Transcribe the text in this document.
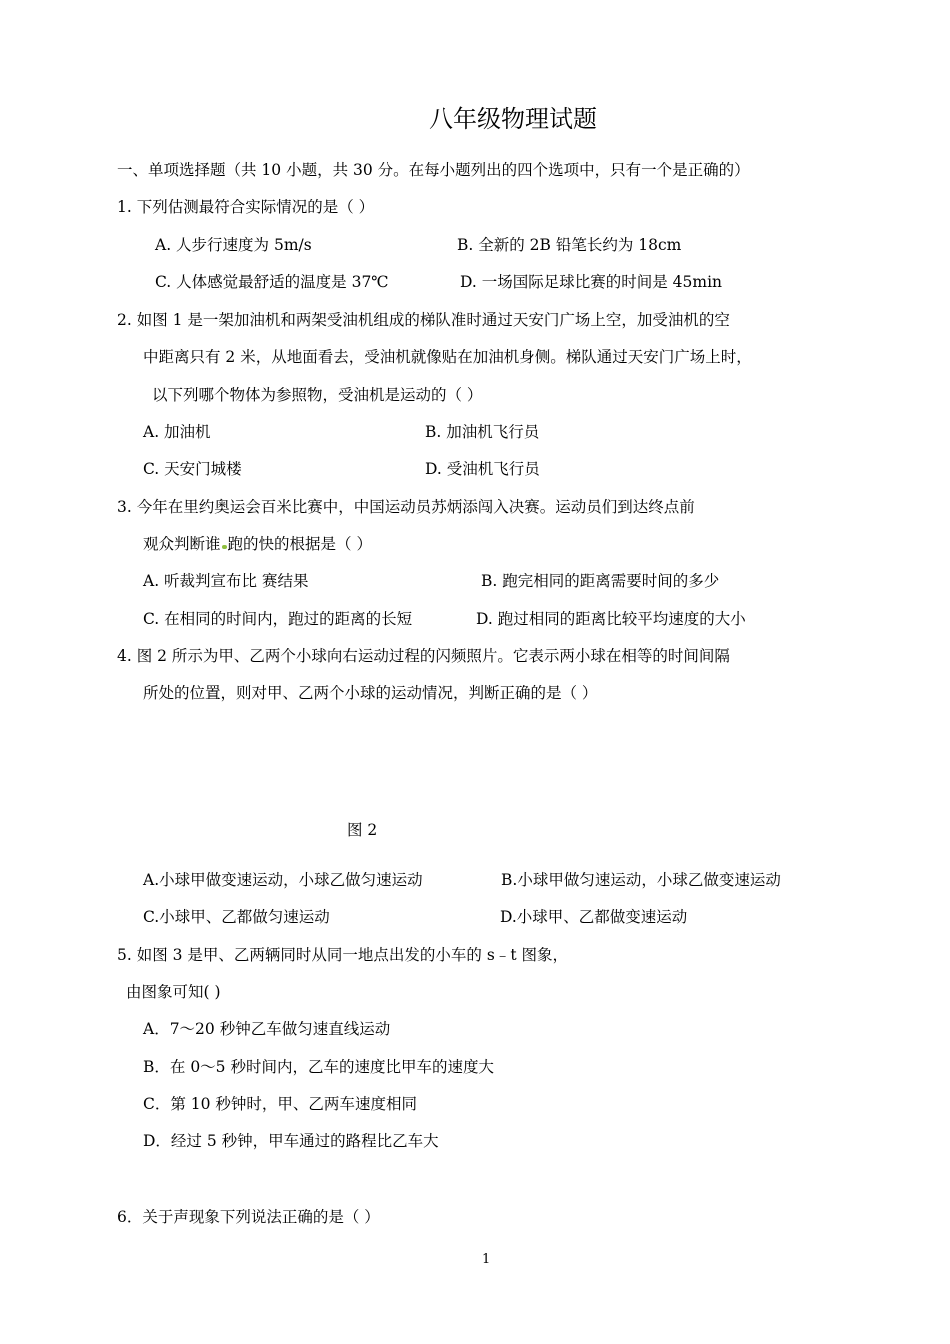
八年级物理试题
一、单项选择题（共 10 小题，共 30 分。在每小题列出的四个选项中，只有一个是正确的）
1. 下列估测最符合实际情况的是（ ）
A. 人步行速度为 5m/s	B. 全新的 2B 铅笔长约为 18cm
C. 人体感觉最舒适的温度是 37℃	D. 一场国际足球比赛的时间是 45min
2. 如图 1 是一架加油机和两架受油机组成的梯队准时通过天安门广场上空，加受油机的空
中距离只有 2 米，从地面看去，受油机就像贴在加油机身侧。梯队通过天安门广场上时，
以下列哪个物体为参照物，受油机是运动的（ ）
A. 加油机	B. 加油机飞行员
C. 天安门城楼	D. 受油机飞行员
3. 今年在里约奥运会百米比赛中，中国运动员苏炳添闯入决赛。运动员们到达终点前
观众判断谁 跑的快的根据是（ ）
A. 听裁判宣布比 赛结果	B. 跑完相同的距离需要时间的多少
C. 在相同的时间内，跑过的距离的长短	D. 跑过相同的距离比较平均速度的大小
4. 图 2 所示为甲、乙两个小球向右运动过程的闪频照片。它表示两小球在相等的时间间隔
所处的位置，则对甲、乙两个小球的运动情况，判断正确的是（ ）
图 2
A.小球甲做变速运动，小球乙做匀速运动	B.小球甲做匀速运动，小球乙做变速运动
C.小球甲、乙都做匀速运动	D.小球甲、乙都做变速运动
5. 如图 3 是甲、乙两辆同时从同一地点出发的小车的 s﹣t 图象，
由图象可知( )
A．7～20 秒钟乙车做匀速直线运动
B．在 0～5 秒时间内，乙车的速度比甲车的速度大
C．第 10 秒钟时，甲、乙两车速度相同
D．经过 5 秒钟，甲车通过的路程比乙车大
6．关于声现象下列说法正确的是（ ）
1
